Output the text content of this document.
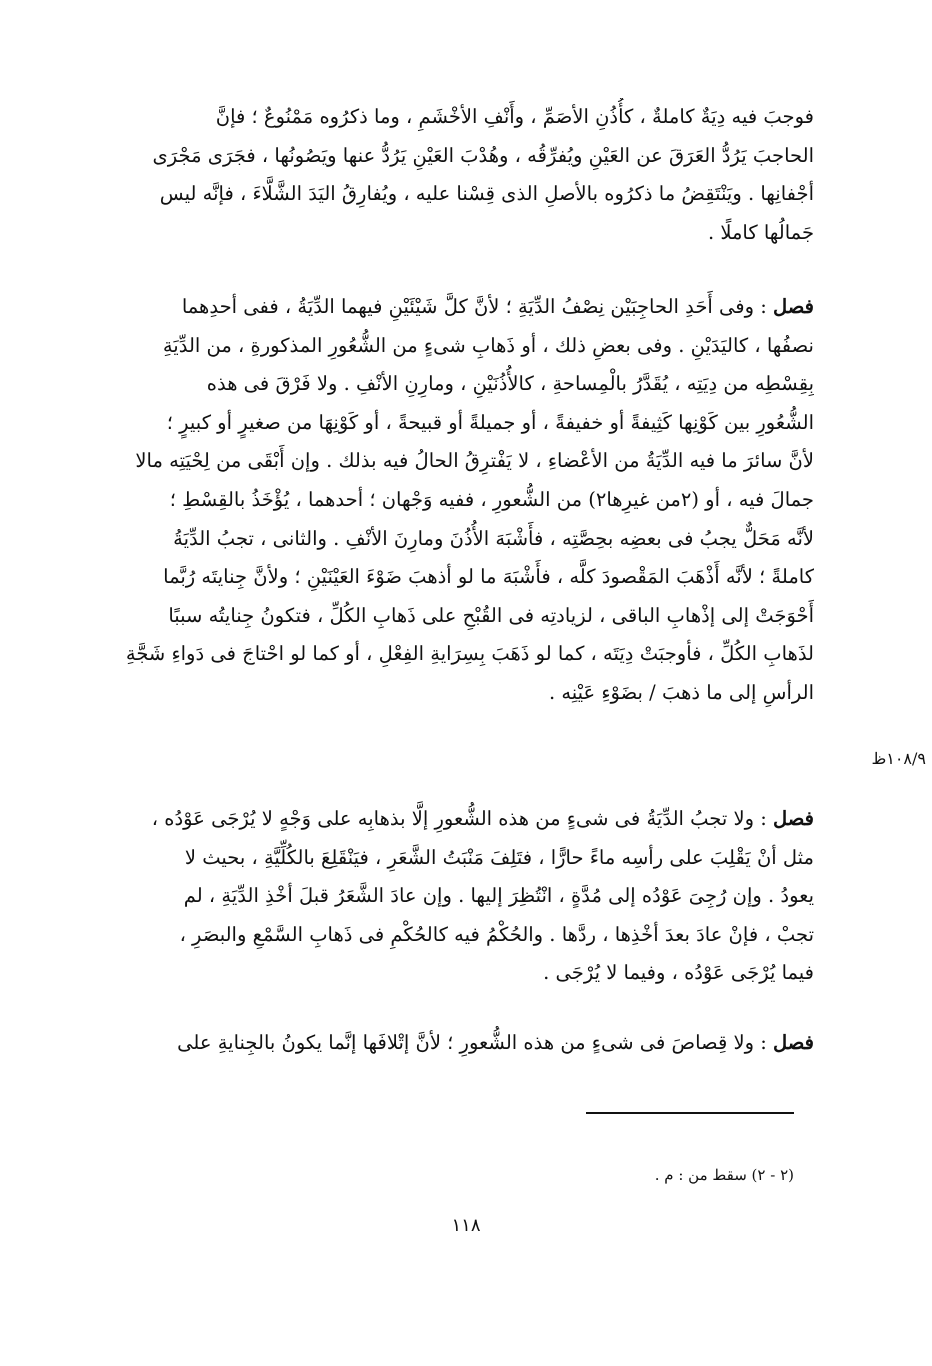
فوجبَ فيه دِيَةٌ كاملةٌ ، كأُذُنِ الأصَمِّ ، وأَنْفِ الأخْشَمِ ، وما ذكرُوه مَمْنُوعٌ ؛ فإنَّ
الحاجبَ يَرُدُّ العَرَقَ عن العَيْنِ ويُفرِّقُه ، وهُدْبَ العَيْنِ يَرُدُّ عنها ويَصُونُها ، فجَرَى مَجْرَى
أجْفانِها . ويَنْتَقِضُ ما ذكرُوه بالأصلِ الذى قِسْنا عليه ، ويُفارِقُ اليَدَ الشَّلَّاءَ ، فإنَّه ليس
جَمالُها كاملًا .

فصل : وفى أَحَدِ الحاجِبَيْن نِصْفُ الدِّيَةِ ؛ لأنَّ كلَّ شَيْئَيْنِ فيهما الدِّيَةُ ، ففى أحدِهما
نصفُها ، كاليَدَيْنِ . وفى بعضِ ذلك ، أو ذَهابِ شىءٍ من الشُّعُورِ المذكورةِ ، من الدِّيَةِ
بِقِسْطِه من دِيَتِه ، يُقَدَّرُ بالْمِساحةِ ، كالأُذُنَيْنِ ، ومارِنِ الأنْفِ . ولا فَرْقَ فى هذه
الشُّعُورِ بين كَوْنِها كَثِيفةً أو خفيفةً ، أو جميلةً أو قبيحةً ، أو كَوْنِهَا من صغيرٍ أو كبيرٍ ؛
لأنَّ سائرَ ما فيه الدِّيَةُ من الأعْضاءِ ، لا يَفْترِقُ الحالُ فيه بذلك . وإن أَبْقَى من لِحْيَتِه مالا
جمالَ فيه ، أو (٢من غيرِها٢) من الشُّعورِ ، ففيه وَجْهان ؛ أحدهما ، يُؤْخَذُ بالقِسْطِ ؛
لأنَّه مَحَلٌّ يجبُ فى بعضِه بحِصَّتِه ، فأَشْبَهَ الأُذُنَ ومارِنَ الأنْفِ . والثانى ، تجبُ الدِّيَةُ
كاملةً ؛ لأنَّه أَذْهَبَ المَقْصودَ كلَّه ، فأَشْبَهَ ما لو أذهبَ ضَوْءَ العَيْنَيْنِ ؛ ولأنَّ جِنايتَه رُبَّما
أَحْوَجَتْ إلى إذْهابِ الباقى ، لزيادتِه فى القُبْحِ على ذَهابِ الكُلِّ ، فتكونُ جِنايتُه سببًا
لذَهابِ الكُلِّ ، فأوجبَتْ دِيَتَه ، كما لو ذَهَبَ بِسِرَايةِ الفِعْلِ ، أو كما لو احْتاجَ فى دَواءِ شَجَّةِ
الرأسِ إلى ما ذهبَ / بضَوْءِ عَيْنِه .

١٠٨/٩ظ

فصل : ولا تجبُ الدِّيَةُ فى شىءٍ من هذه الشُّعورِ إلَّا بذهابِه على وَجْهٍ لا يُرْجَى عَوْدُه ،
مثل أنْ يَقْلِبَ على رأسِه ماءً حارًّا ، فتَلِفَ مَنْبَتُ الشَّعَرِ ، فيَنْقَلِعَ بالكُلِّيَّةِ ، بحيث لا
يعودُ . وإن رُجِىَ عَوْدُه إلى مُدَّةٍ ، انْتُظِرَ إليها . وإن عادَ الشَّعَرُ قبلَ أخْذِ الدِّيَةِ ، لم
تجبْ ، فإنْ عادَ بعدَ أخْذِها ، ردَّها . والحُكْمُ فيه كالحُكْمِ فى ذَهابِ السَّمْعِ والبصَرِ ،
فيما يُرْجَى عَوْدُه ، وفيما لا يُرْجَى .

فصل : ولا قِصاصَ فى شىءٍ من هذه الشُّعورِ ؛ لأنَّ إتْلافَها إنَّما يكونُ بالجِنايةِ على

(٢ - ٢) سقط من : م .
١١٨
